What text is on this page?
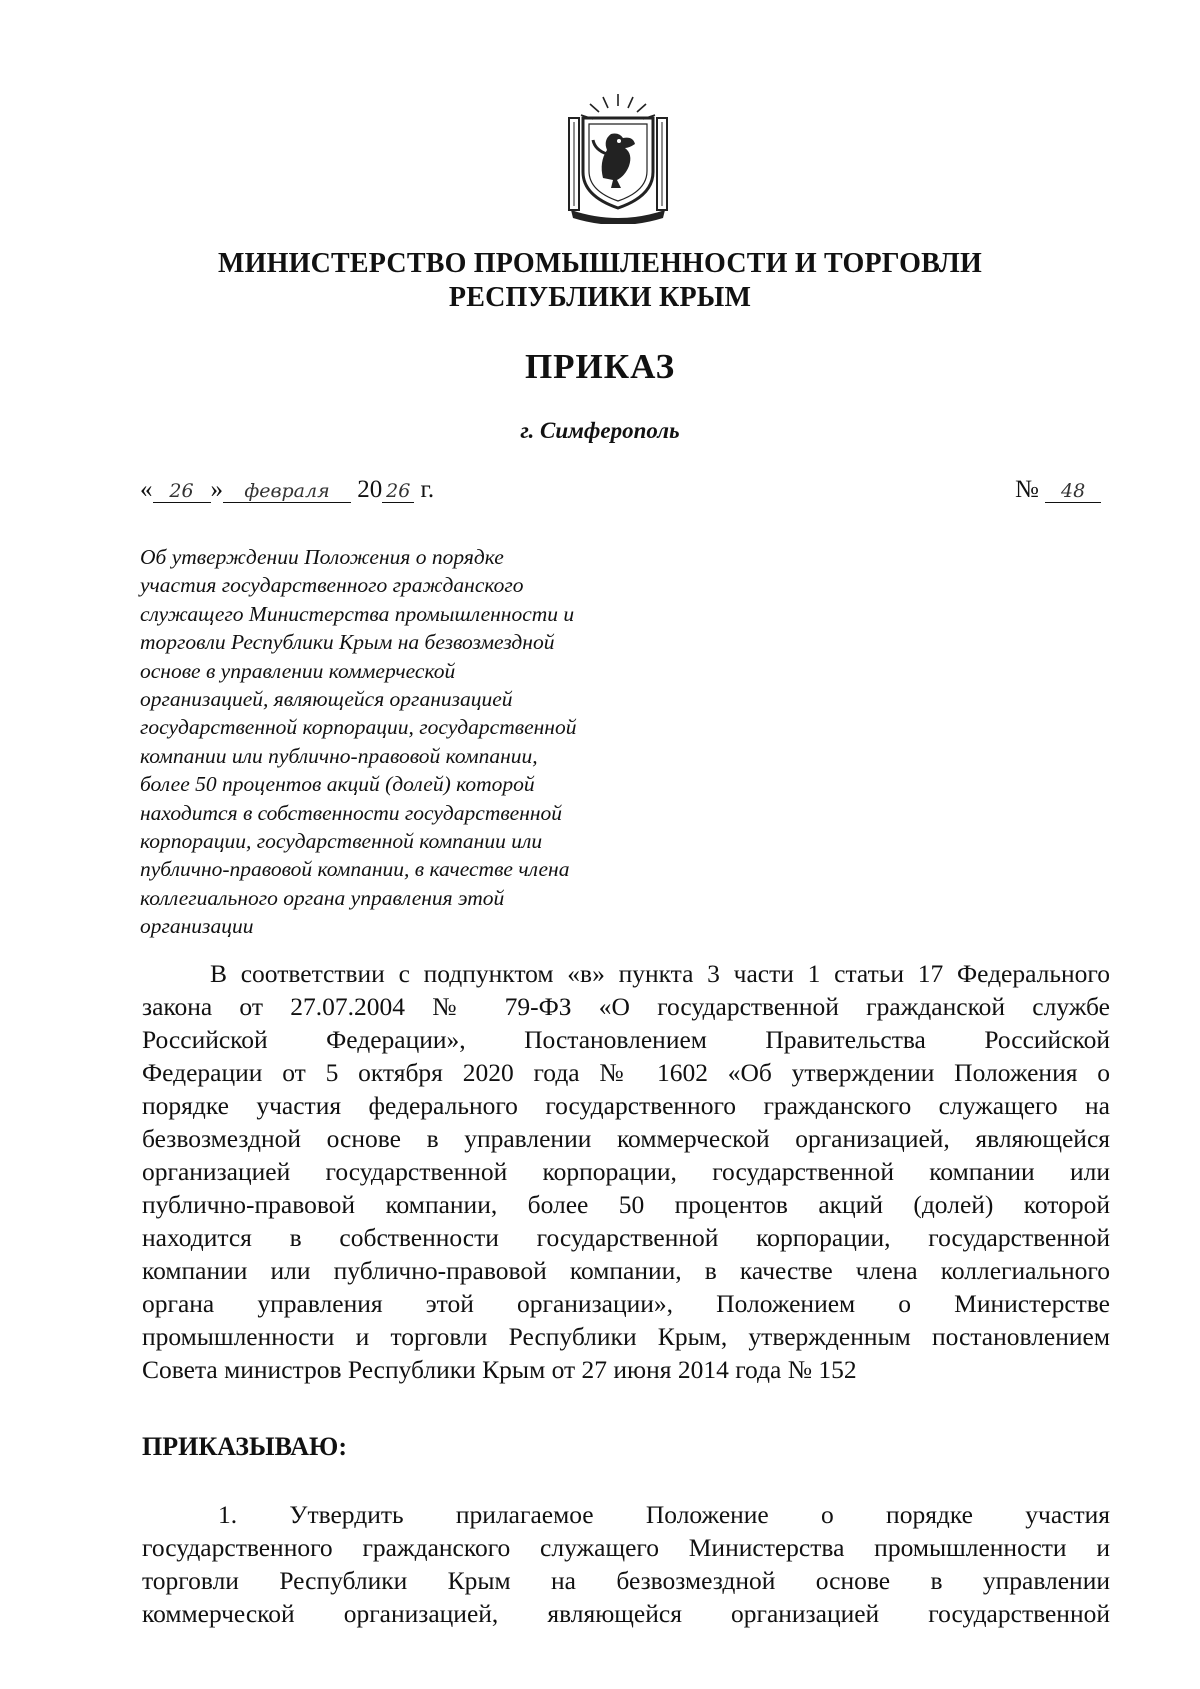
МИНИСТЕРСТВО ПРОМЫШЛЕННОСТИ И ТОРГОВЛИ
РЕСПУБЛИКИ КРЫМ
ПРИКАЗ
г. Симферополь
« 26 » февраля 20 26 г.	№ 48
Об утверждении Положения о порядке
участия государственного гражданского
служащего Министерства промышленности и
торговли Республики Крым на безвозмездной
основе в управлении коммерческой
организацией, являющейся организацией
государственной корпорации, государственной
компании или публично-правовой компании,
более 50 процентов акций (долей) которой
находится в собственности государственной
корпорации, государственной компании или
публично-правовой компании, в качестве члена
коллегиального органа управления этой
организации
В соответствии с подпунктом «в» пункта 3 части 1 статьи 17 Федерального
закона от 27.07.2004 № 79-ФЗ «О государственной гражданской службе
Российской Федерации», Постановлением Правительства Российской
Федерации от 5 октября 2020 года № 1602 «Об утверждении Положения о
порядке участия федерального государственного гражданского служащего на
безвозмездной основе в управлении коммерческой организацией, являющейся
организацией государственной корпорации, государственной компании или
публично-правовой компании, более 50 процентов акций (долей) которой
находится в собственности государственной корпорации, государственной
компании или публично-правовой компании, в качестве члена коллегиального
органа управления этой организации», Положением о Министерстве
промышленности и торговли Республики Крым, утвержденным постановлением
Совета министров Республики Крым от 27 июня 2014 года № 152
ПРИКАЗЫВАЮ:
1. Утвердить прилагаемое Положение о порядке участия
государственного гражданского служащего Министерства промышленности и
торговли Республики Крым на безвозмездной основе в управлении
коммерческой организацией, являющейся организацией государственной
